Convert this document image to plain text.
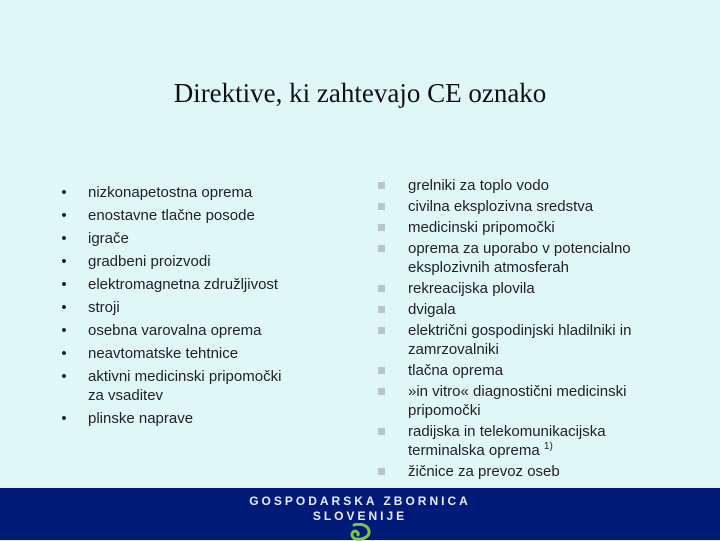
Direktive, ki zahtevajo CE oznako
• nizkonapetostna oprema
• enostavne tlačne posode
• igrače
• gradbeni proizvodi
• elektromagnetna združljivost
• stroji
• osebna varovalna oprema
• neavtomatske tehtnice
• aktivni medicinski pripomočki za vsaditev
• plinske naprave
grelniki za toplo vodo
civilna eksplozivna sredstva
medicinski pripomočki
oprema za uporabo v potencialno eksplozivnih atmosferah
rekreacijska plovila
dvigala
električni gospodinjski hladilniki in zamrzovalniki
tlačna oprema
»in vitro« diagnostični medicinski pripomočki
radijska in telekomunikacijska terminalska oprema $^{1)}$
žičnice za prevoz oseb
GOSPODARSKA ZBORNICA
SLOVENIJE
